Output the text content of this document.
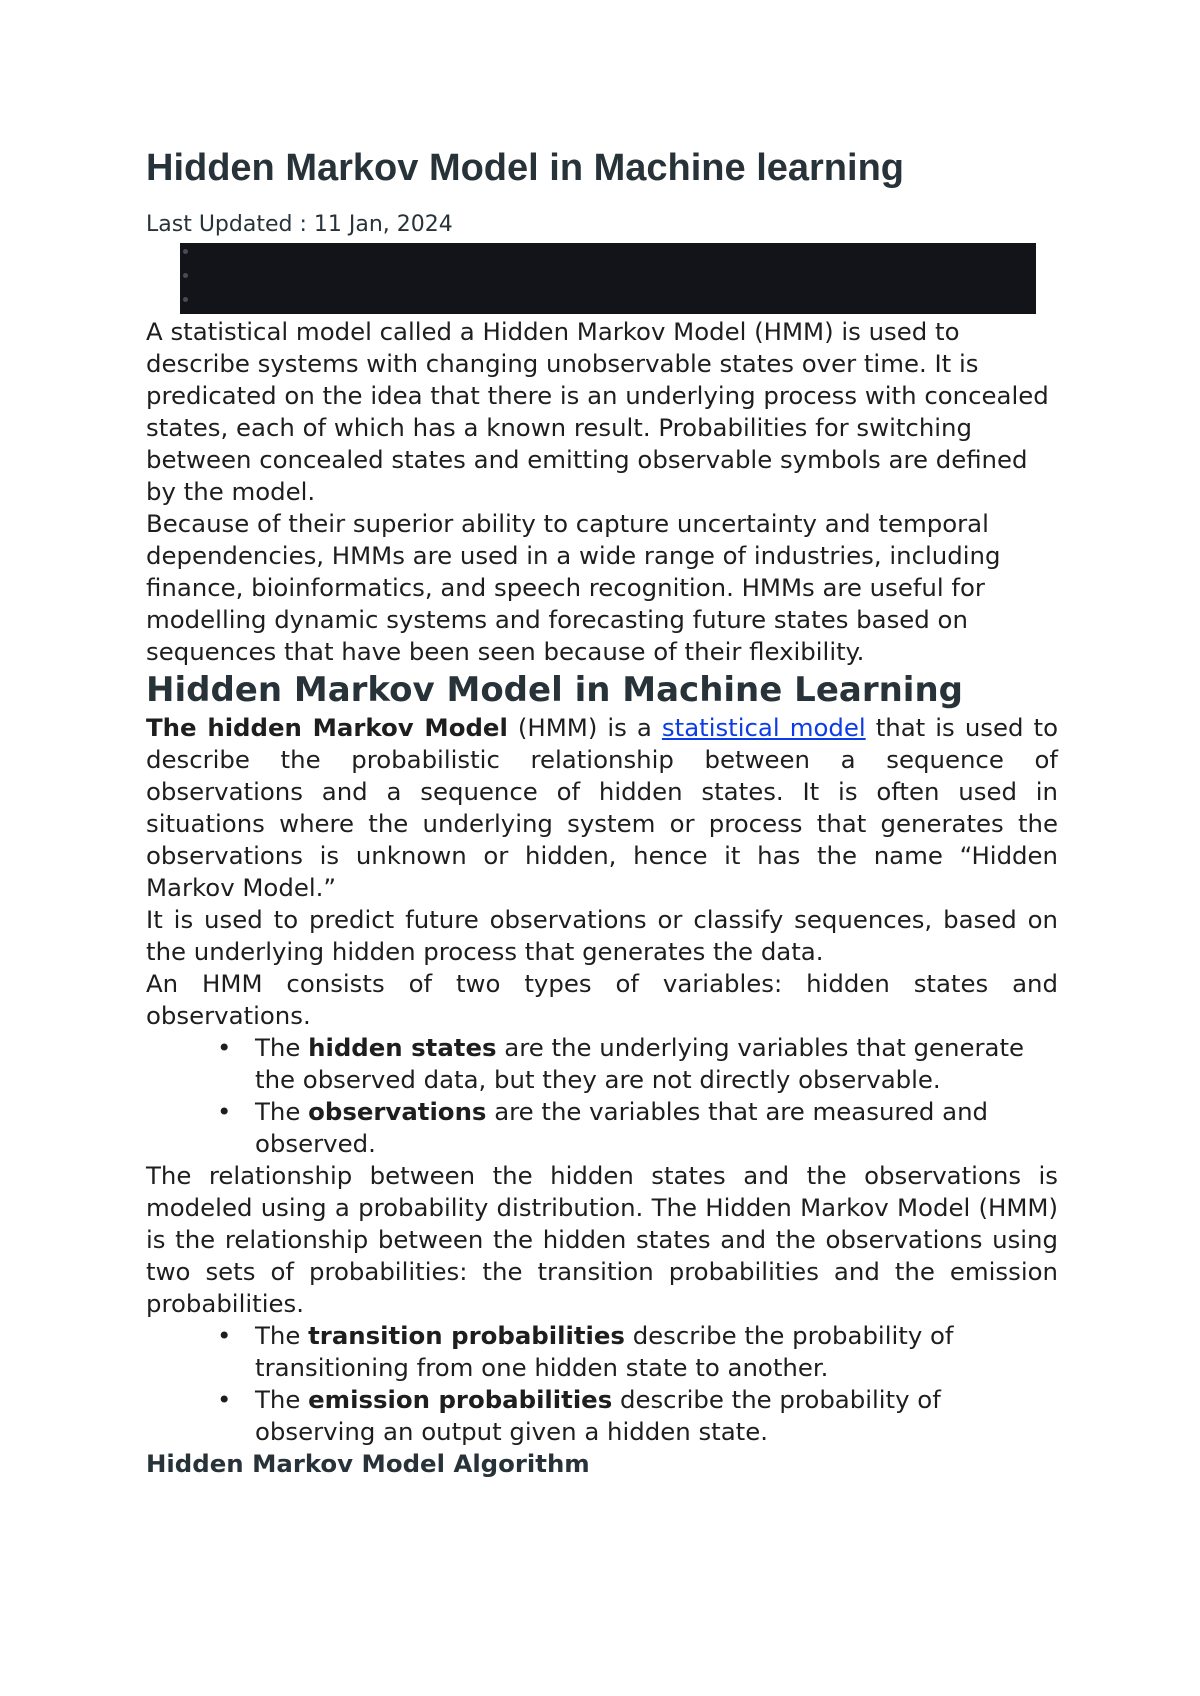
Hidden Markov Model in Machine learning
Last Updated : 11 Jan, 2024

A statistical model called a Hidden Markov Model (HMM) is used to describe systems with changing unobservable states over time. It is predicated on the idea that there is an underlying process with concealed states, each of which has a known result. Probabilities for switching between concealed states and emitting observable symbols are defined by the model.

Because of their superior ability to capture uncertainty and temporal dependencies, HMMs are used in a wide range of industries, including finance, bioinformatics, and speech recognition. HMMs are useful for modelling dynamic systems and forecasting future states based on sequences that have been seen because of their flexibility.

Hidden Markov Model in Machine Learning

The hidden Markov Model (HMM) is a statistical model that is used to describe the probabilistic relationship between a sequence of observations and a sequence of hidden states. It is often used in situations where the underlying system or process that generates the observations is unknown or hidden, hence it has the name “Hidden Markov Model.”

It is used to predict future observations or classify sequences, based on the underlying hidden process that generates the data.

An HMM consists of two types of variables: hidden states and observations.

• The hidden states are the underlying variables that generate the observed data, but they are not directly observable.
• The observations are the variables that are measured and observed.

The relationship between the hidden states and the observations is modeled using a probability distribution. The Hidden Markov Model (HMM) is the relationship between the hidden states and the observations using two sets of probabilities: the transition probabilities and the emission probabilities.

• The transition probabilities describe the probability of transitioning from one hidden state to another.
• The emission probabilities describe the probability of observing an output given a hidden state.
Hidden Markov Model Algorithm
